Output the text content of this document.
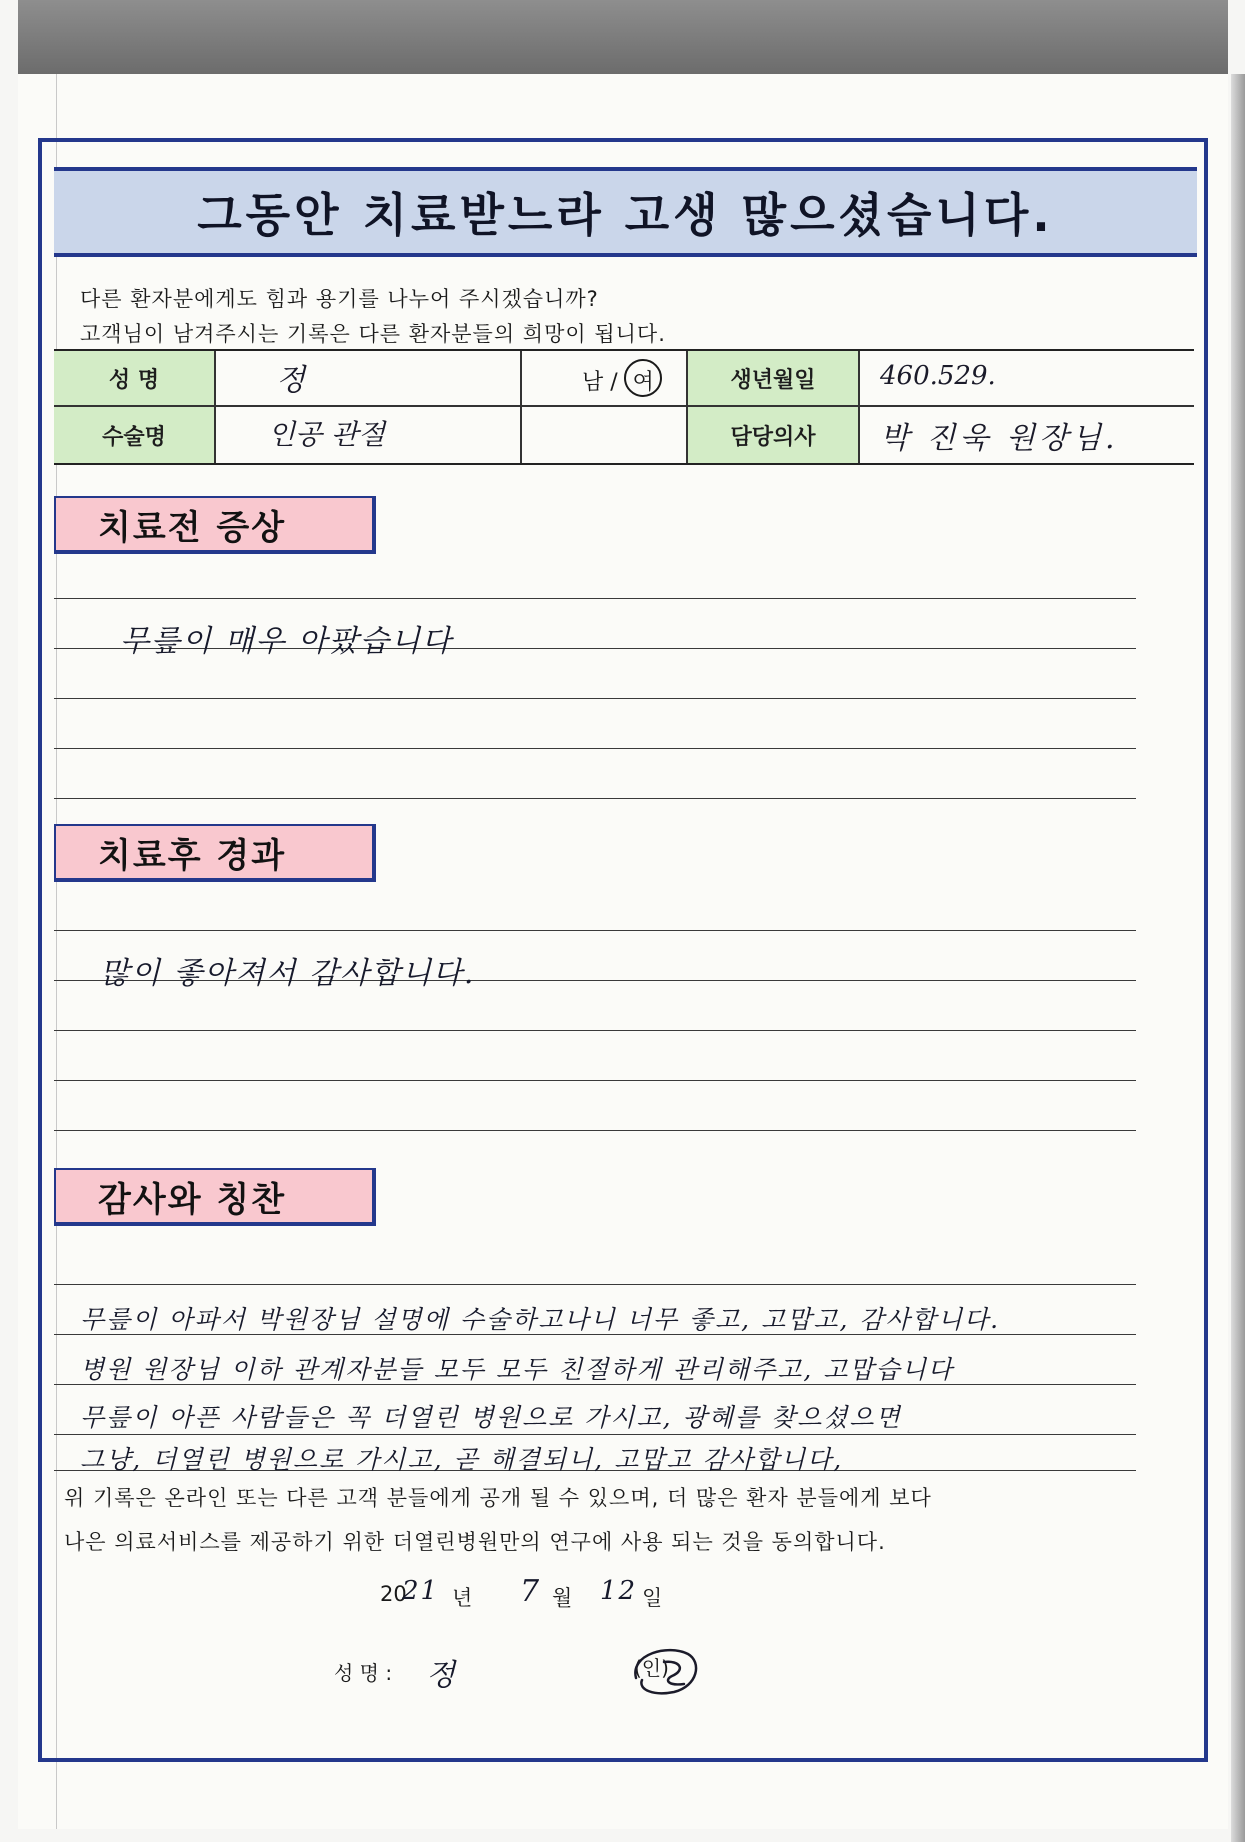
그동안 치료받느라 고생 많으셨습니다.
다른 환자분에게도 힘과 용기를 나누어 주시겠습니까?
고객님이 남겨주시는 기록은 다른 환자분들의 희망이 됩니다.
성 명
수술명
정
인공 관절
남 / 여	생년월일
담당의사
460.529.
박 진욱 원장님.
치료전 증상
무릎이 매우 아팠습니다
치료후 경과
많이 좋아져서 감사합니다.
감사와 칭찬
무릎이 아파서 박원장님 설명에 수술하고나니 너무 좋고, 고맙고, 감사합니다.
병원 원장님 이하 관계자분들 모두 모두 친절하게 관리해주고, 고맙습니다
무릎이 아픈 사람들은 꼭 더열린 병원으로 가시고, 광혜를 찾으셨으면
그냥, 더열린 병원으로 가시고, 곧 해결되니, 고맙고 감사합니다,
위 기록은 온라인 또는 다른 고객 분들에게 공개 될 수 있으며, 더 많은 환자 분들에게 보다
나은 의료서비스를 제공하기 위한 더열린병원만의 연구에 사용 되는 것을 동의합니다.
20
21 년 7 월 12 일
성 명 : 정	(인)
